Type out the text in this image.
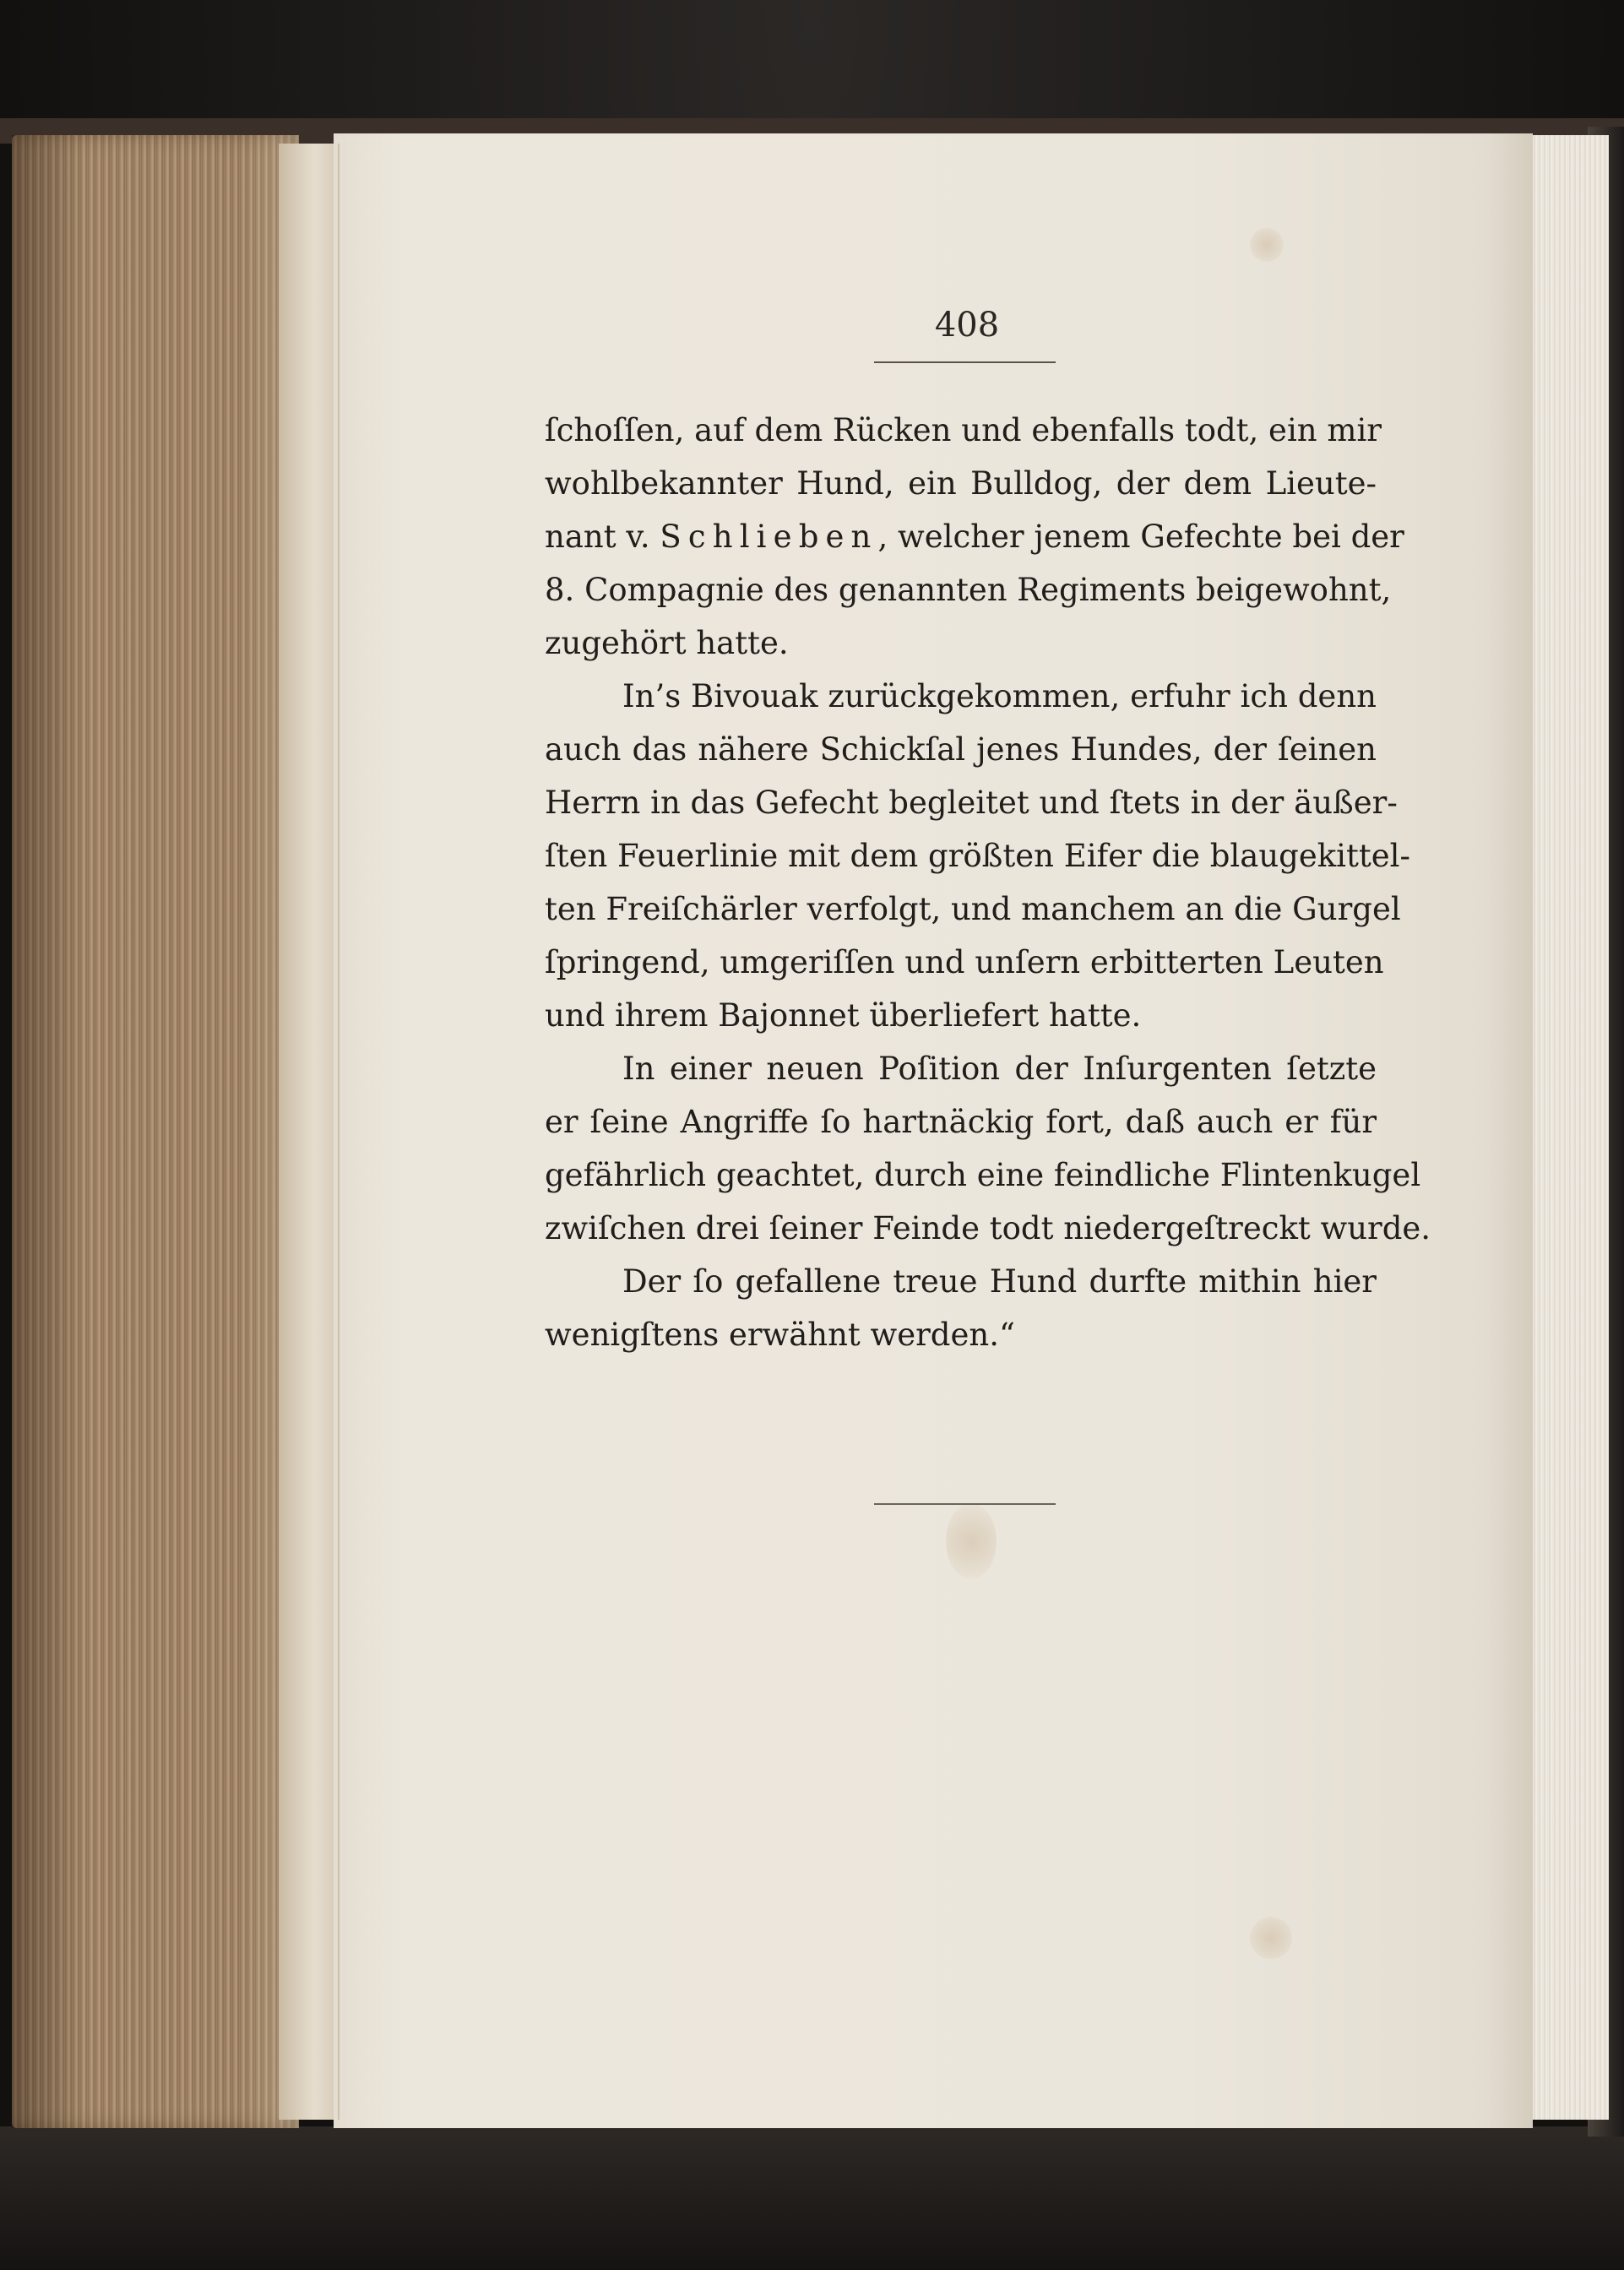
408
ſchoſſen, auf dem Rücken und ebenfalls todt, ein mir
wohlbekannter Hund, ein Bulldog, der dem Lieute-
nant v. Schlieben, welcher jenem Gefechte bei der
8. Compagnie des genannten Regiments beigewohnt,
zugehört hatte.
In’s Bivouak zurückgekommen, erfuhr ich denn
auch das nähere Schickſal jenes Hundes, der ſeinen
Herrn in das Gefecht begleitet und ſtets in der äußer-
ſten Feuerlinie mit dem größten Eifer die blaugekittel-
ten Freiſchärler verfolgt, und manchem an die Gurgel
ſpringend, umgeriſſen und unſern erbitterten Leuten
und ihrem Bajonnet überliefert hatte.
In einer neuen Poſition der Inſurgenten ſetzte
er ſeine Angriffe ſo hartnäckig fort, daß auch er für
gefährlich geachtet, durch eine feindliche Flintenkugel
zwiſchen drei ſeiner Feinde todt niedergeſtreckt wurde.
Der ſo gefallene treue Hund durfte mithin hier
wenigſtens erwähnt werden.“
